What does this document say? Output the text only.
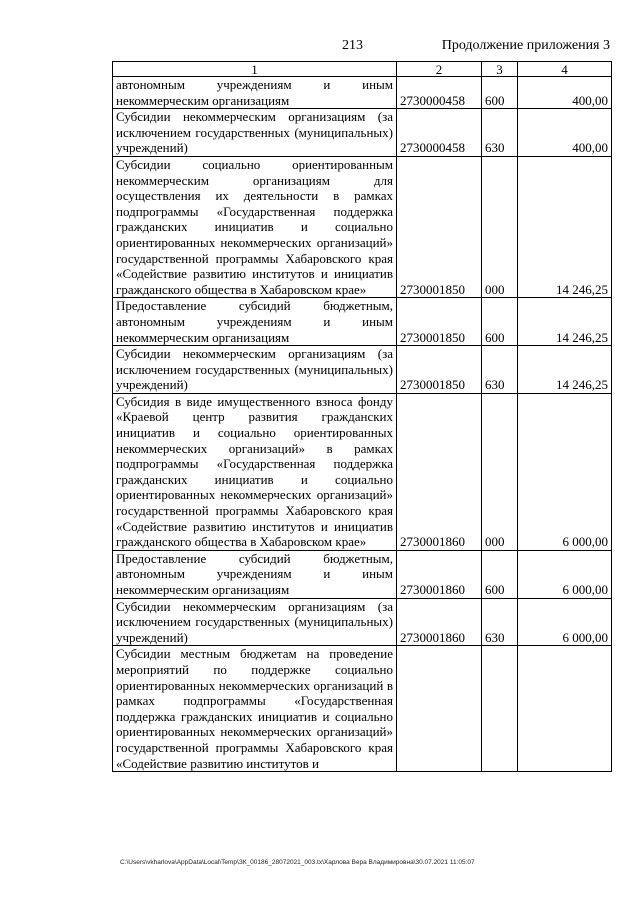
213	Продолжение приложения 3
1	2	3	4
автономным учреждениям и иным некоммерческим организациям	2730000458	600	400,00
Субсидии некоммерческим организациям (за исключением государственных (муниципальных) учреждений)	2730000458	630	400,00
Субсидии социально ориентированным некоммерческим организациям для осуществления их деятельности в рамках подпрограммы «Государственная поддержка гражданских инициатив и социально ориентированных некоммерческих организаций» государственной программы Хабаровского края «Содействие развитию институтов и инициатив гражданского общества в Хабаровском крае»	2730001850	000	14 246,25
Предоставление субсидий бюджетным, автономным учреждениям и иным некоммерческим организациям	2730001850	600	14 246,25
Субсидии некоммерческим организациям (за исключением государственных (муниципальных) учреждений)	2730001850	630	14 246,25
Субсидия в виде имущественного взноса фонду «Краевой центр развития гражданских инициатив и социально ориентированных некоммерческих организаций» в рамках подпрограммы «Государственная поддержка гражданских инициатив и социально ориентированных некоммерческих организаций» государственной программы Хабаровского края «Содействие развитию институтов и инициатив гражданского общества в Хабаровском крае»	2730001860	000	6 000,00
Предоставление субсидий бюджетным, автономным учреждениям и иным некоммерческим организациям	2730001860	600	6 000,00
Субсидии некоммерческим организациям (за исключением государственных (муниципальных) учреждений)	2730001860	630	6 000,00
Субсидии местным бюджетам на проведение мероприятий по поддержке социально ориентированных некоммерческих организаций в рамках подпрограммы «Государственная поддержка гражданских инициатив и социально ориентированных некоммерческих организаций» государственной программы Хабаровского края «Содействие развитию институтов и			
C:\Users\vkharlova\AppData\Local\Temp\ЗК_00186_28072021_003.tx\Харлова Вера Владимировна\30.07.2021 11:05:07
